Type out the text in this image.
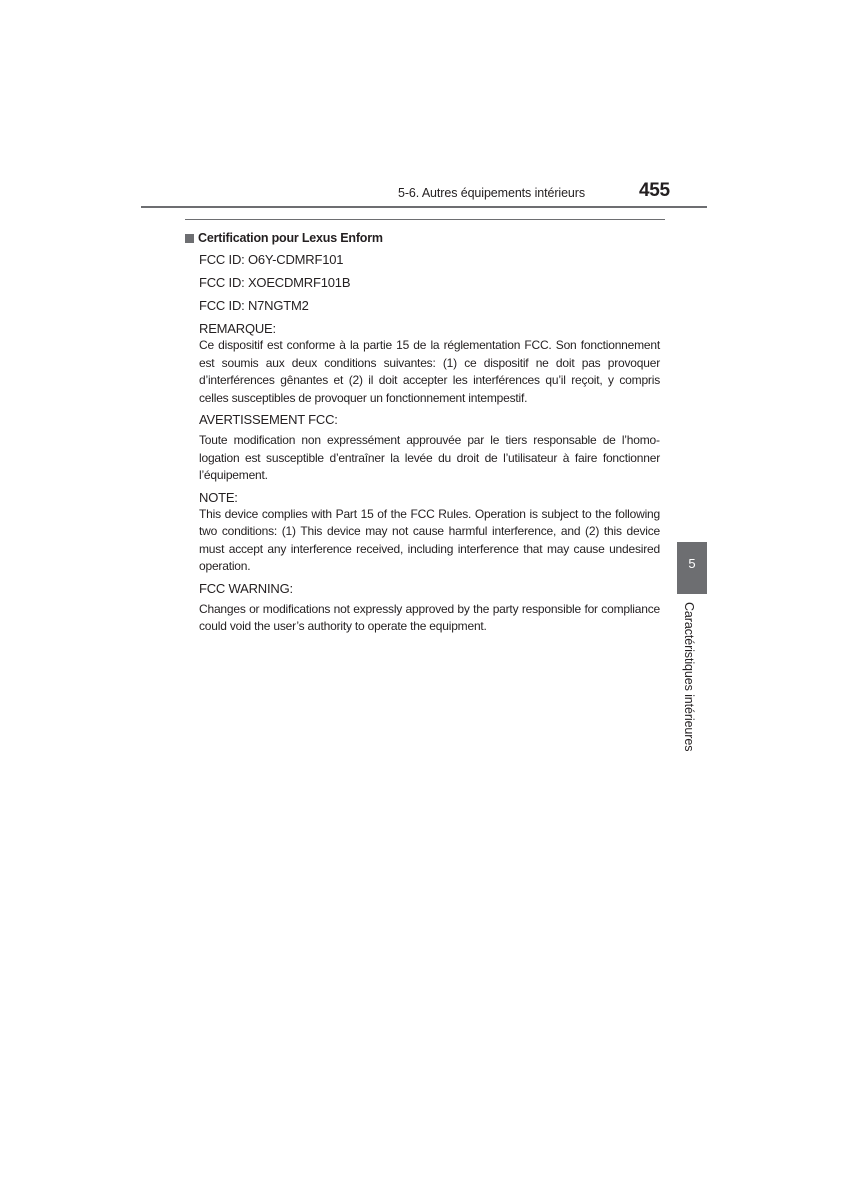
5-6. Autres équipements intérieurs	455
Certification pour Lexus Enform
FCC ID: O6Y-CDMRF101
FCC ID: XOECDMRF101B
FCC ID: N7NGTM2
REMARQUE:
Ce dispositif est conforme à la partie 15 de la réglementation FCC. Son fonctionnement est soumis aux deux conditions suivantes: (1) ce dispositif ne doit pas provoquer d’interférences gênantes et (2) il doit accepter les interférences qu’il reçoit, y compris celles susceptibles de provoquer un fonctionnement intempestif.
AVERTISSEMENT FCC:
Toute modification non expressément approuvée par le tiers responsable de l’homologation est susceptible d’entraîner la levée du droit de l’utilisateur à faire fonctionner l’équipement.
NOTE:
This device complies with Part 15 of the FCC Rules. Operation is subject to the following two conditions: (1) This device may not cause harmful interference, and (2) this device must accept any interference received, including interference that may cause undesired operation.
FCC WARNING:
Changes or modifications not expressly approved by the party responsible for compliance could void the user’s authority to operate the equipment.
5
Caractéristiques intérieures
